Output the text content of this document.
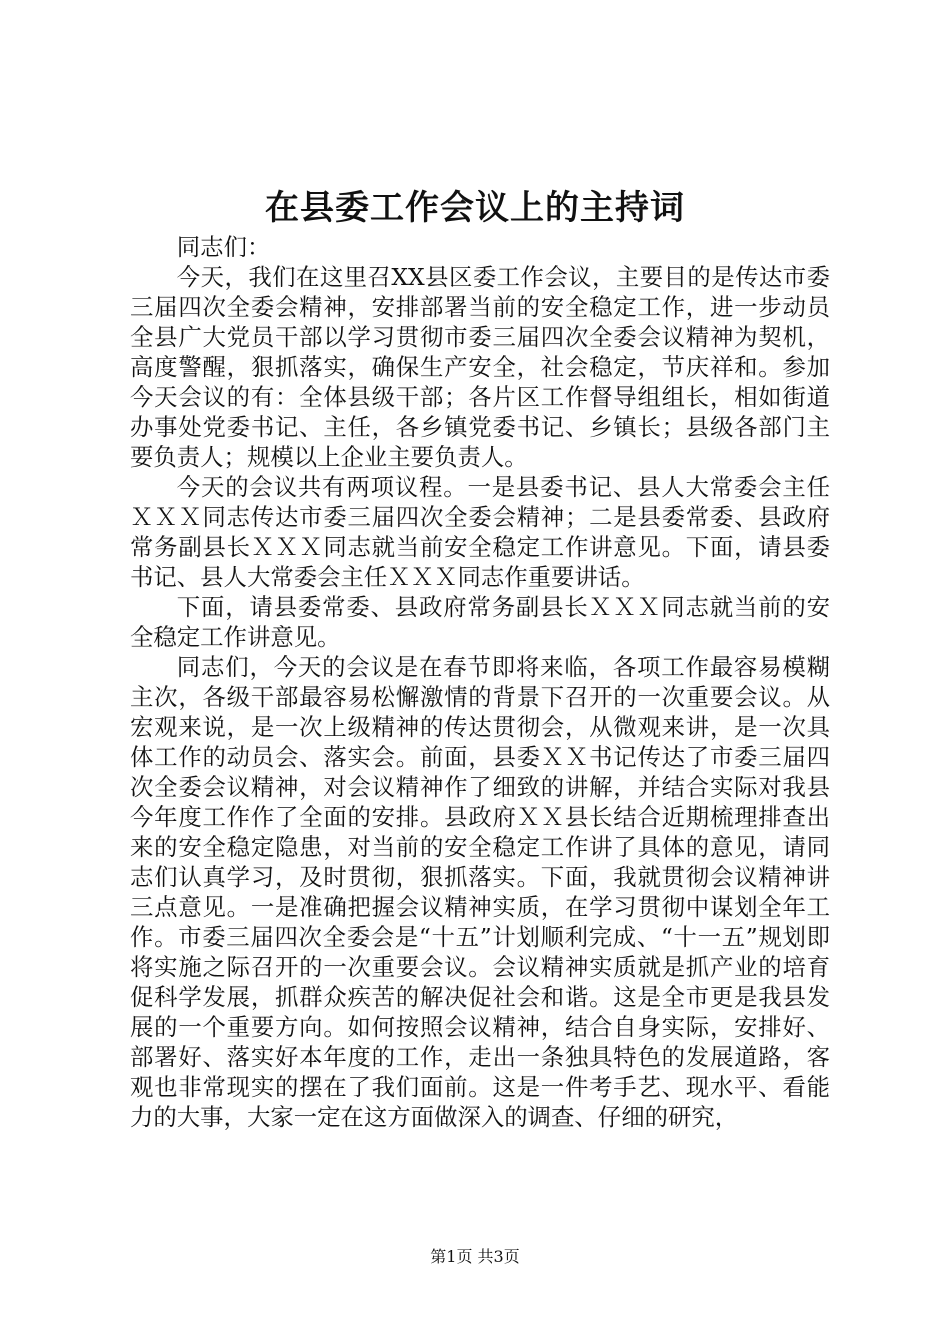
在县委工作会议上的主持词

同志们：

今天，我们在这里召XX县区委工作会议，主要目的是传达市委三届四次全委会精神，安排部署当前的安全稳定工作，进一步动员全县广大党员干部以学习贯彻市委三届四次全委会议精神为契机，高度警醒，狠抓落实，确保生产安全，社会稳定，节庆祥和。参加今天会议的有：全体县级干部；各片区工作督导组组长，相如街道办事处党委书记、主任，各乡镇党委书记、乡镇长；县级各部门主要负责人；规模以上企业主要负责人。

今天的会议共有两项议程。一是县委书记、县人大常委会主任ＸＸＸ同志传达市委三届四次全委会精神；二是县委常委、县政府常务副县长ＸＸＸ同志就当前安全稳定工作讲意见。下面，请县委书记、县人大常委会主任ＸＸＸ同志作重要讲话。

下面，请县委常委、县政府常务副县长ＸＸＸ同志就当前的安全稳定工作讲意见。

同志们，今天的会议是在春节即将来临，各项工作最容易模糊主次，各级干部最容易松懈激情的背景下召开的一次重要会议。从宏观来说，是一次上级精神的传达贯彻会，从微观来讲，是一次具体工作的动员会、落实会。前面，县委ＸＸ书记传达了市委三届四次全委会议精神，对会议精神作了细致的讲解，并结合实际对我县今年度工作作了全面的安排。县政府ＸＸ县长结合近期梳理排查出来的安全稳定隐患，对当前的安全稳定工作讲了具体的意见，请同志们认真学习，及时贯彻，狠抓落实。下面，我就贯彻会议精神讲三点意见。一是准确把握会议精神实质，在学习贯彻中谋划全年工作。市委三届四次全委会是“十五”计划顺利完成、“十一五”规划即将实施之际召开的一次重要会议。会议精神实质就是抓产业的培育促科学发展，抓群众疾苦的解决促社会和谐。这是全市更是我县发展的一个重要方向。如何按照会议精神，结合自身实际，安排好、部署好、落实好本年度的工作，走出一条独具特色的发展道路，客观也非常现实的摆在了我们面前。这是一件考手艺、现水平、看能力的大事，大家一定在这方面做深入的调查、仔细的研究，

第1页 共3页
